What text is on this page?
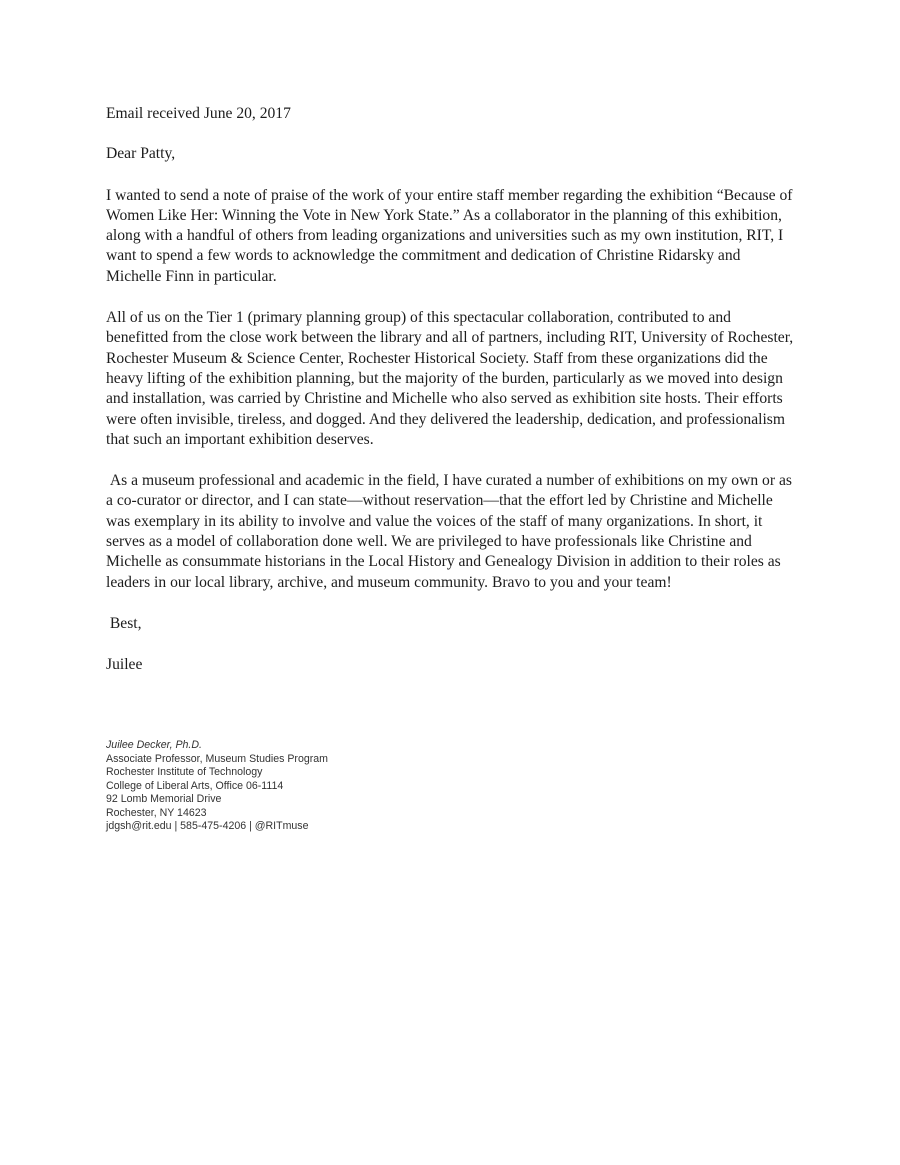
Email received June 20, 2017

Dear Patty,

I wanted to send a note of praise of the work of your entire staff member regarding the exhibition “Because of Women Like Her: Winning the Vote in New York State.” As a collaborator in the planning of this exhibition, along with a handful of others from leading organizations and universities such as my own institution, RIT, I want to spend a few words to acknowledge the commitment and dedication of Christine Ridarsky and Michelle Finn in particular.

All of us on the Tier 1 (primary planning group) of this spectacular collaboration, contributed to and benefitted from the close work between the library and all of partners, including RIT, University of Rochester, Rochester Museum & Science Center, Rochester Historical Society. Staff from these organizations did the heavy lifting of the exhibition planning, but the majority of the burden, particularly as we moved into design and installation, was carried by Christine and Michelle who also served as exhibition site hosts. Their efforts were often invisible, tireless, and dogged. And they delivered the leadership, dedication, and professionalism that such an important exhibition deserves.

As a museum professional and academic in the field, I have curated a number of exhibitions on my own or as a co-curator or director, and I can state—without reservation—that the effort led by Christine and Michelle was exemplary in its ability to involve and value the voices of the staff of many organizations. In short, it serves as a model of collaboration done well. We are privileged to have professionals like Christine and Michelle as consummate historians in the Local History and Genealogy Division in addition to their roles as leaders in our local library, archive, and museum community. Bravo to you and your team!

Best,

Juilee

Juilee Decker, Ph.D.
Associate Professor, Museum Studies Program
Rochester Institute of Technology
College of Liberal Arts, Office 06-1114
92 Lomb Memorial Drive
Rochester, NY 14623
jdgsh@rit.edu | 585-475-4206 | @RITmuse
